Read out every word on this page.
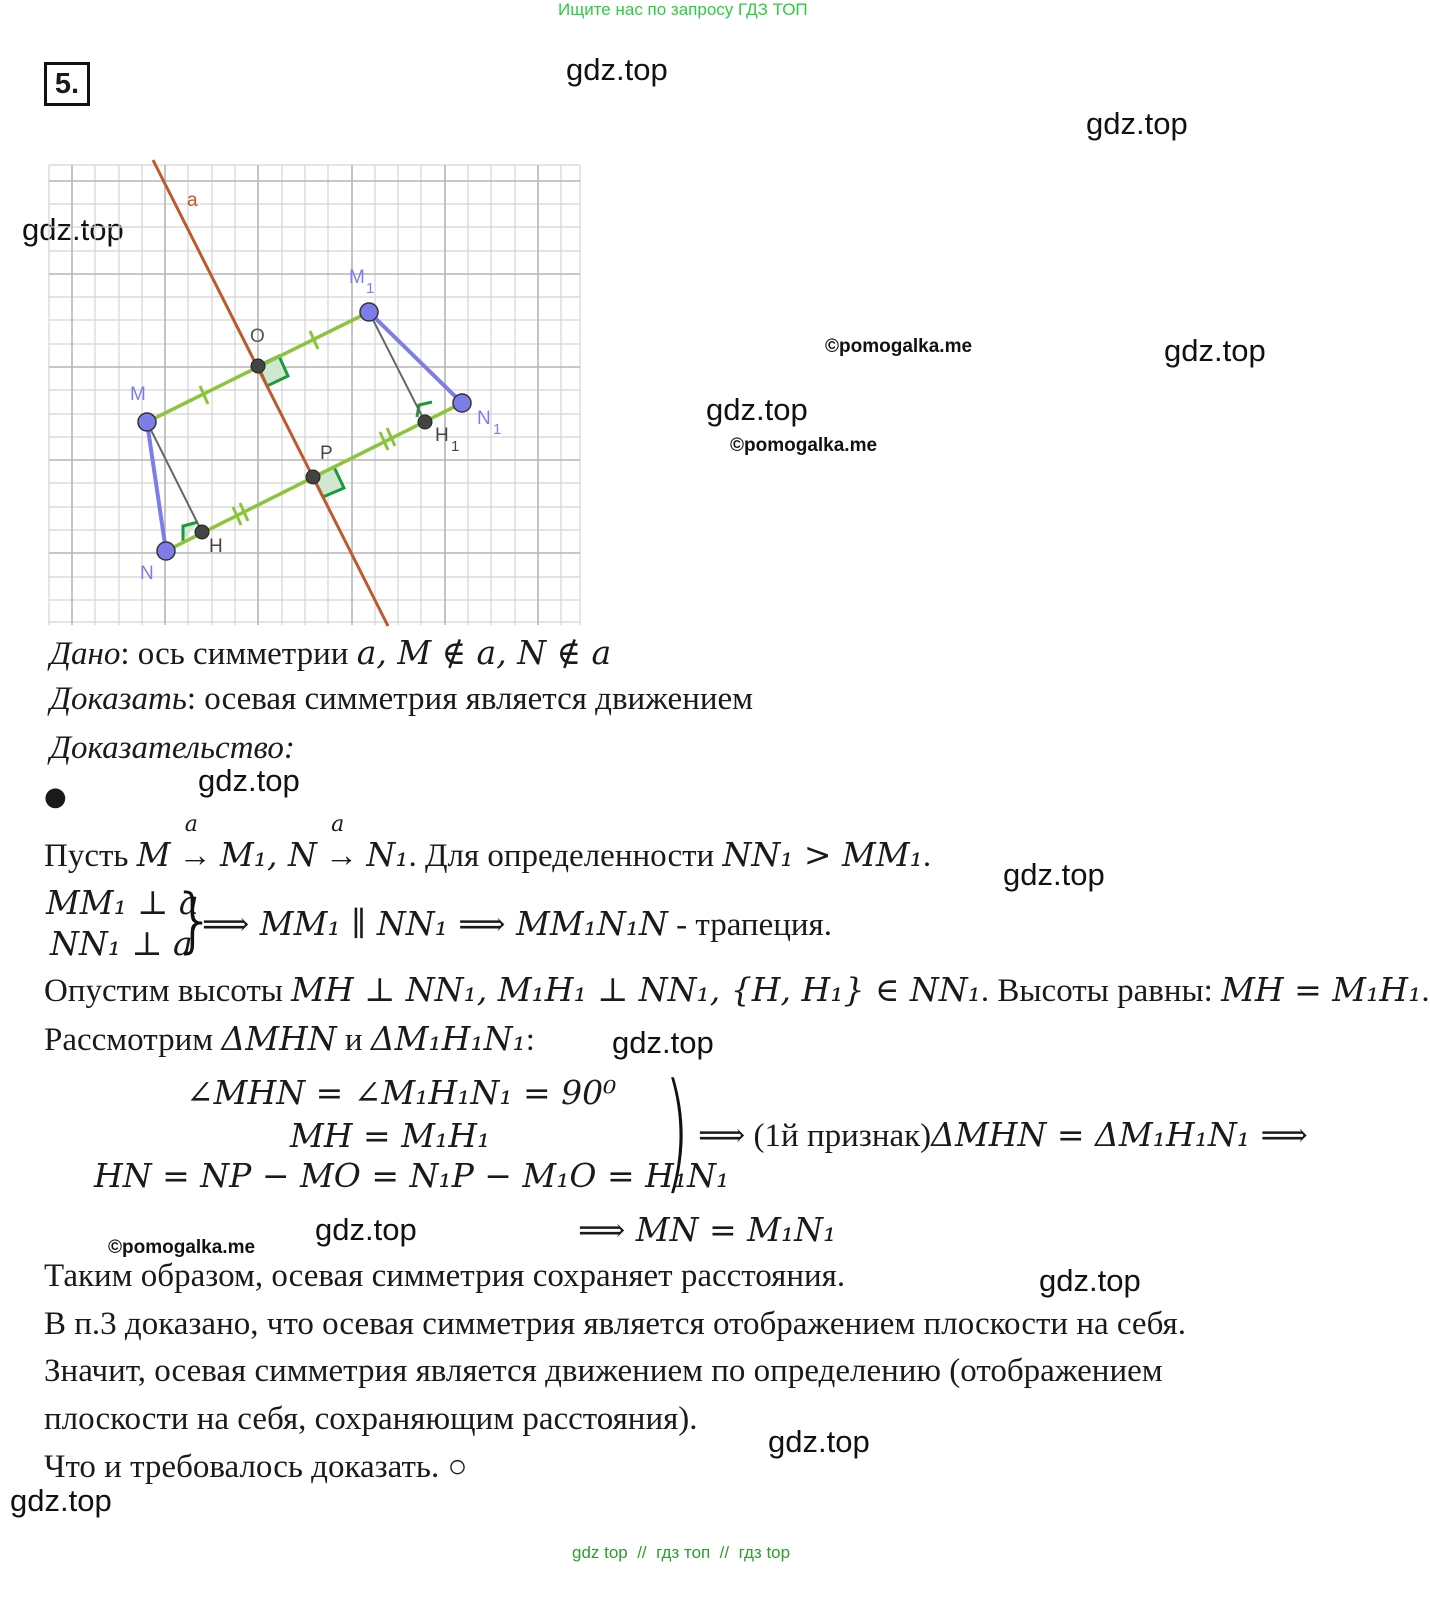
Ищите нас по запросу ГДЗ ТОП
5.	gdz.top
gdz.top
gdz.top
gdz.top
gdz.top
gdz.top
gdz.top
gdz.top
gdz.top
gdz.top
gdz.top
gdz.top
©pomogalka.me
©pomogalka.me
©pomogalka.me
a
O
M
M
1
N
N
1
P
H
H
1
Дано: ось симметрии a, M ∉ a, N ∉ a
Доказать: осевая симметрия является движением
Доказательство:
●
Пусть M
a
→ M₁, N
a
→ N₁. Для определенности NN₁ > MM₁.
MM₁ ⊥ a
NN₁ ⊥ a
}
⟹ MM₁ ∥ NN₁ ⟹ MM₁N₁N - трапеция.
Опустим высоты MH ⊥ NN₁, M₁H₁ ⊥ NN₁, {H, H₁} ∈ NN₁. Высоты равны: MH = M₁H₁.
Рассмотрим ΔMHN и ΔM₁H₁N₁:
∠MHN = ∠M₁H₁N₁ = 90⁰
MH = M₁H₁
HN = NP − MO = N₁P − M₁O = H₁N₁
) ⟹ (1й признак)ΔMHN = ΔM₁H₁N₁ ⟹
⟹ MN = M₁N₁
Таким образом, осевая симметрия сохраняет расстояния.
В п.3 доказано, что осевая симметрия является отображением плоскости на себя.
Значит, осевая симметрия является движением по определению (отображением
плоскости на себя, сохраняющим расстояния).
Что и требовалось доказать. ○
gdz top  //  гдз топ  //  гдз top
